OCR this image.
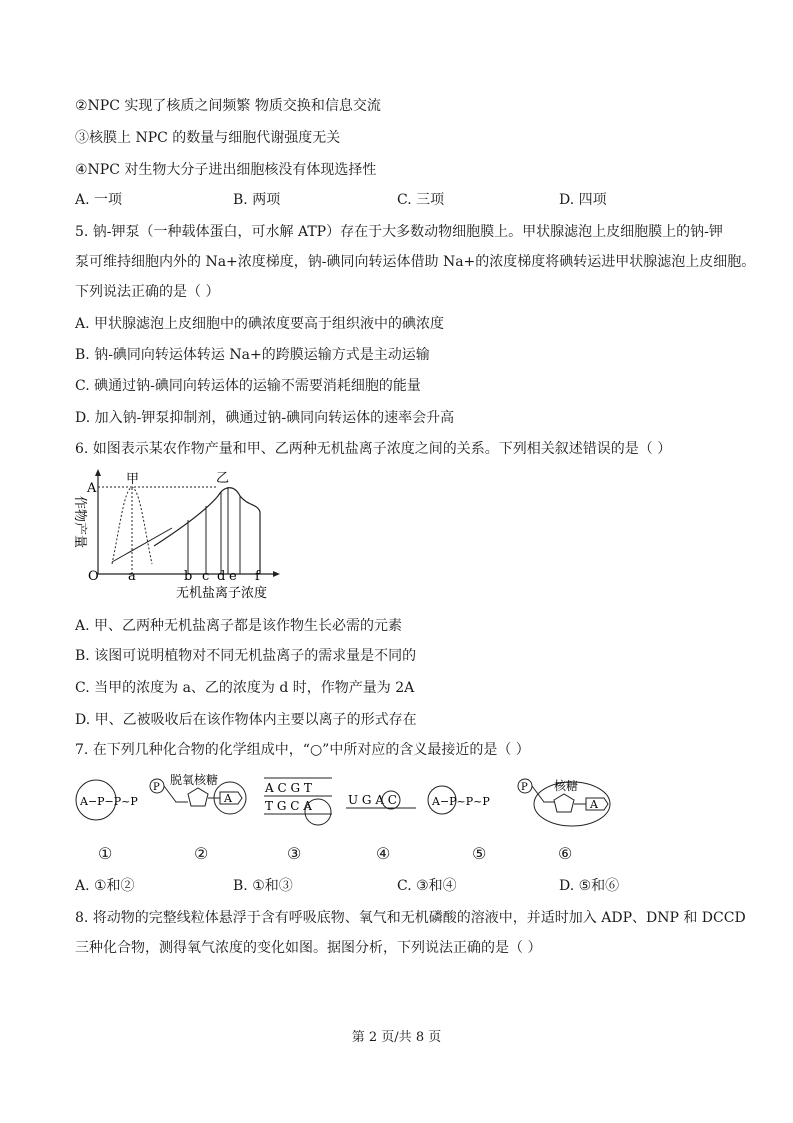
②NPC 实现了核质之间频繁 物质交换和信息交流
③核膜上 NPC 的数量与细胞代谢强度无关
④NPC 对生物大分子进出细胞核没有体现选择性
A. 一项	B. 两项	C. 三项	D. 四项
5. 钠-钾泵（一种载体蛋白，可水解 ATP）存在于大多数动物细胞膜上。甲状腺滤泡上皮细胞膜上的钠-钾
泵可维持细胞内外的 Na+浓度梯度，钠-碘同向转运体借助 Na+的浓度梯度将碘转运进甲状腺滤泡上皮细胞。
下列说法正确的是（ ）
A. 甲状腺滤泡上皮细胞中的碘浓度要高于组织液中的碘浓度
B. 钠-碘同向转运体转运 Na+的跨膜运输方式是主动运输
C. 碘通过钠-碘同向转运体的运输不需要消耗细胞的能量
D. 加入钠-钾泵抑制剂，碘通过钠-碘同向转运体的速率会升高
6. 如图表示某农作物产量和甲、乙两种无机盐离子浓度之间的关系。下列相关叙述错误的是（ ）
甲	乙
A
O a	b c d e f
无机盐离子浓度
作物产量
A. 甲、乙两种无机盐离子都是该作物生长必需的元素
B. 该图可说明植物对不同无机盐离子的需求量是不同的
C. 当甲的浓度为 a、乙的浓度为 d 时，作物产量为 2A
D. 甲、乙被吸收后在该作物体内主要以离子的形式存在
7. 在下列几种化合物的化学组成中，“○”中所对应的含义最接近的是（ ）
A−P−P~P
P
脱氧核糖
A
A C G T
T G C A	U G A C	A−P~P~P
P 核糖
A
①	②	③	④	⑤	⑥
A. ①和②	B. ①和③	C. ③和④	D. ⑤和⑥
8. 将动物的完整线粒体悬浮于含有呼吸底物、氧气和无机磷酸的溶液中，并适时加入 ADP、DNP 和 DCCD
三种化合物，测得氧气浓度的变化如图。据图分析，下列说法正确的是（ ）
第 2 页/共 8 页
